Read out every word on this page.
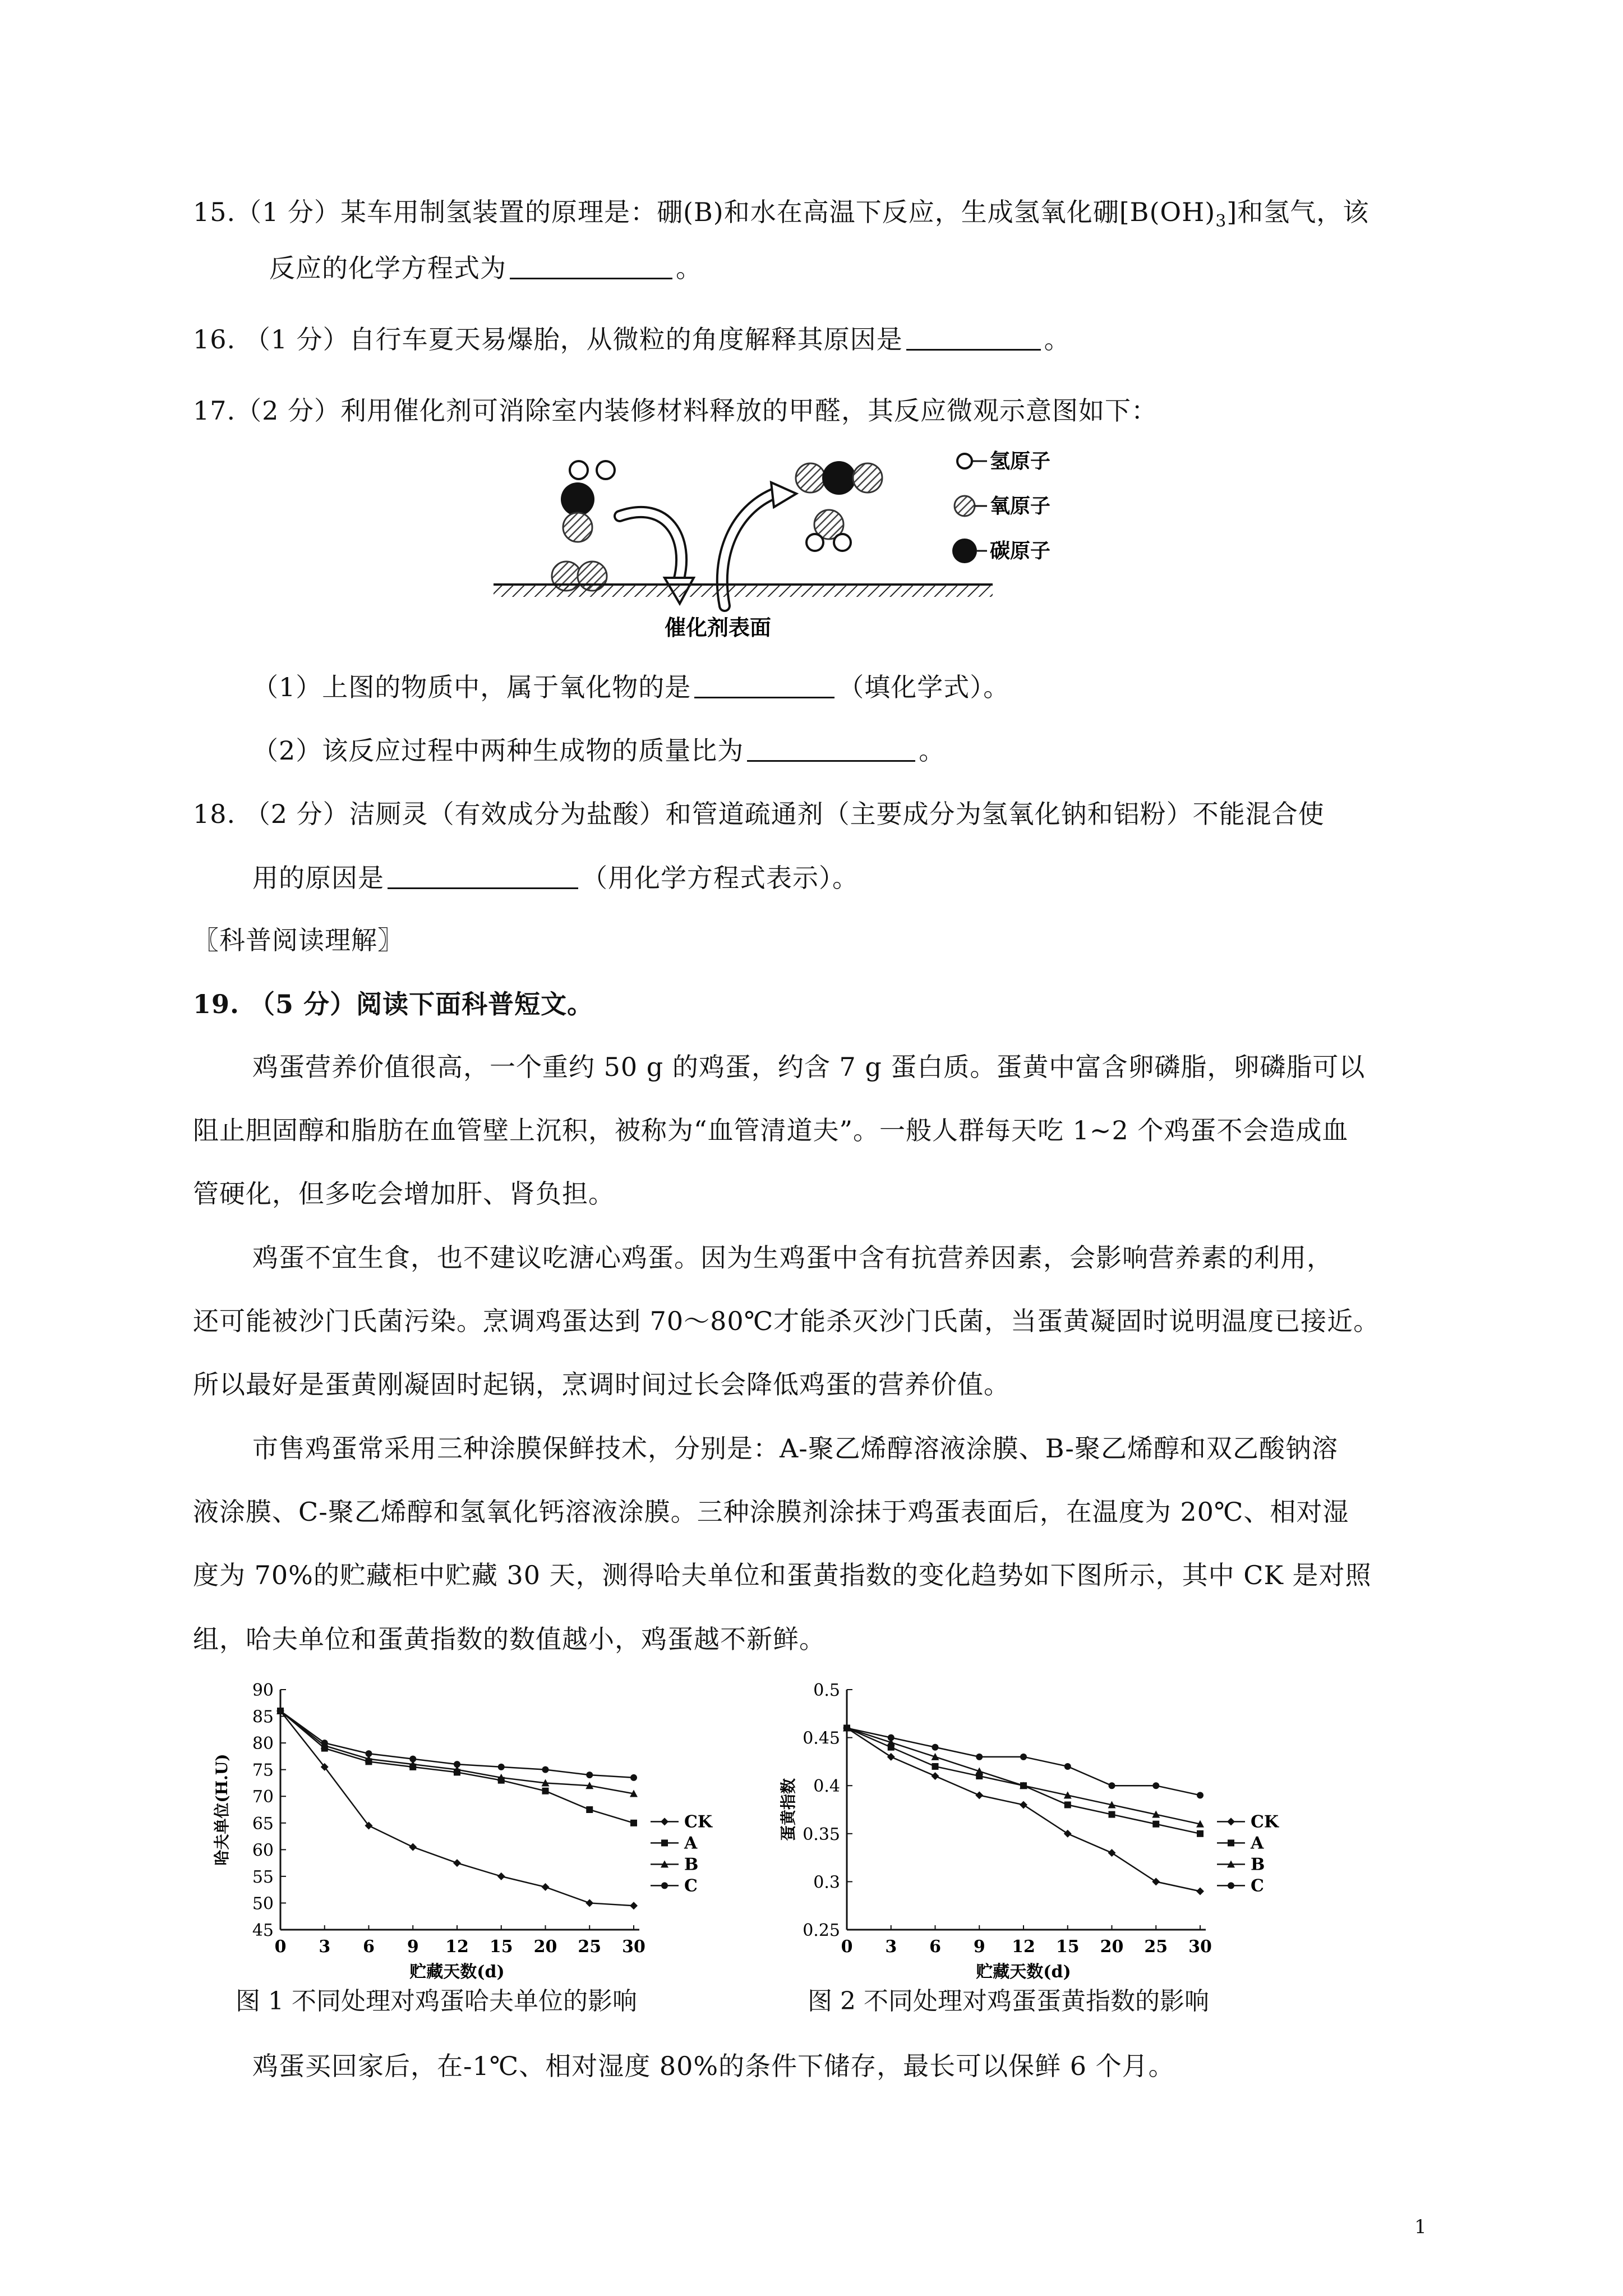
15.（1 分）某车用制氢装置的原理是：硼(B)和水在高温下反应，生成氢氧化硼$[B(OH)_3]$和氢气，该
反应的化学方程式为	。
16. （1 分）自行车夏天易爆胎，从微粒的角度解释其原因是	。
17.（2 分）利用催化剂可消除室内装修材料释放的甲醛，其反应微观示意图如下：
催化剂表面
氢原子
氧原子
碳原子
（1）上图的物质中，属于氧化物的是	（填化学式）。
（2）该反应过程中两种生成物的质量比为	。
18. （2 分）洁厕灵（有效成分为盐酸）和管道疏通剂（主要成分为氢氧化钠和铝粉）不能混合使
用的原因是	（用化学方程式表示）。
〖科普阅读理解〗
19. （5 分）阅读下面科普短文。
鸡蛋营养价值很高，一个重约 50 g 的鸡蛋，约含 7 g 蛋白质。蛋黄中富含卵磷脂，卵磷脂可以
阻止胆固醇和脂肪在血管壁上沉积，被称为“血管清道夫”。一般人群每天吃 1~2 个鸡蛋不会造成血
管硬化，但多吃会增加肝、肾负担。
鸡蛋不宜生食，也不建议吃溏心鸡蛋。因为生鸡蛋中含有抗营养因素，会影响营养素的利用，
还可能被沙门氏菌污染。烹调鸡蛋达到 70～80℃才能杀灭沙门氏菌，当蛋黄凝固时说明温度已接近。
所以最好是蛋黄刚凝固时起锅，烹调时间过长会降低鸡蛋的营养价值。
市售鸡蛋常采用三种涂膜保鲜技术，分别是：A-聚乙烯醇溶液涂膜、B-聚乙烯醇和双乙酸钠溶
液涂膜、C-聚乙烯醇和氢氧化钙溶液涂膜。三种涂膜剂涂抹于鸡蛋表面后，在温度为 20℃、相对湿
度为 70%的贮藏柜中贮藏 30 天，测得哈夫单位和蛋黄指数的变化趋势如下图所示，其中 CK 是对照
组，哈夫单位和蛋黄指数的数值越小，鸡蛋越不新鲜。
45
50
55
60
65
70
75
80
85
90
0 3 6 9 12 15 20 25 30
贮藏天数(d)
哈夫单位(H.U)	CK
A
B
C
0.25
0.3
0.35
0.4
0.45
0.5
0 3 6 9 12 15 20 25 30
贮藏天数(d)
蛋黄指数	CK
A
B
C
图 1 不同处理对鸡蛋哈夫单位的影响	图 2 不同处理对鸡蛋蛋黄指数的影响
鸡蛋买回家后，在-1℃、相对湿度 80%的条件下储存，最长可以保鲜 6 个月。
1
